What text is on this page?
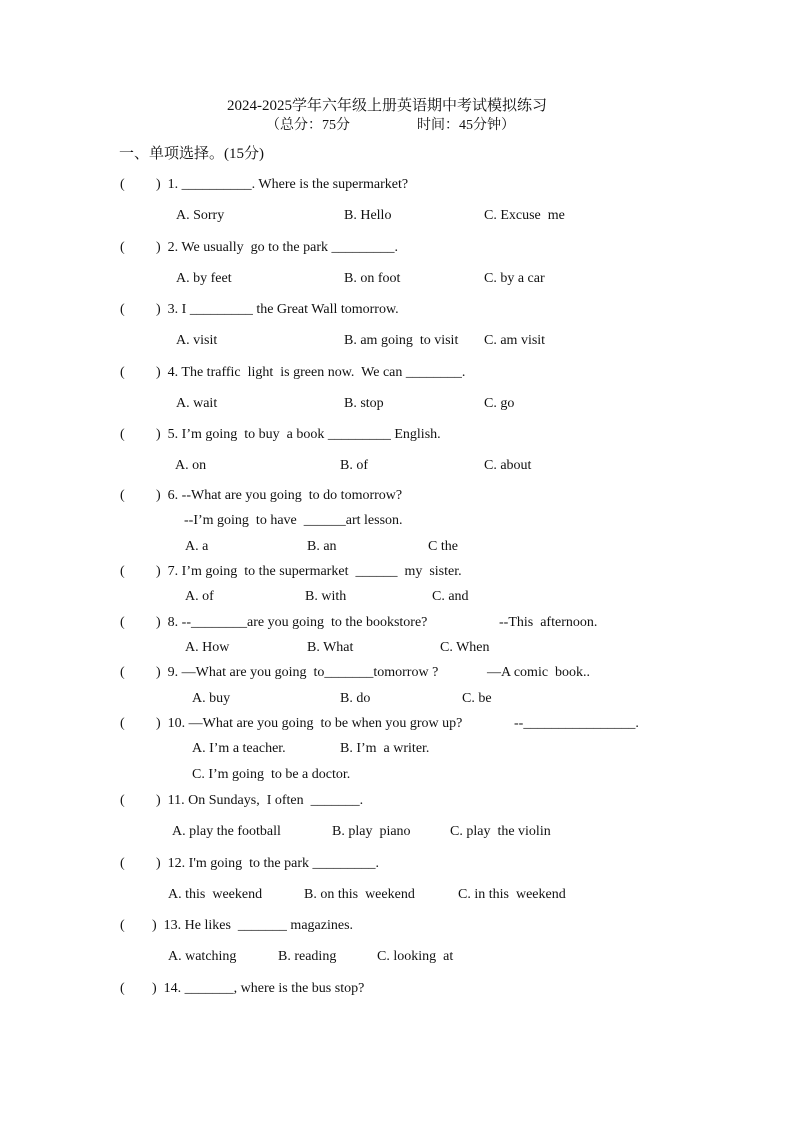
2024-2025学年六年级上册英语期中考试模拟练习
（总分：75分	时间：45分钟）
一、单项选择。(15分)
( )  1. __________. Where is the supermarket?
A. Sorry	B. Hello	C. Excuse  me
( )  2. We usually  go to the park _________.
A. by feet	B. on foot	C. by a car
( )  3. I _________ the Great Wall tomorrow.
A. visit	B. am going  to visit C. am visit
( )  4. The traffic  light  is green now.  We can ________.
A. wait	B. stop	C. go
( )  5. I’m going  to buy  a book _________ English.
A. on	B. of	C. about
( )  6. --What are you going  to do tomorrow?
--I’m going  to have  ______art lesson.
A. a	B. an	C the
( )  7. I’m going  to the supermarket  ______  my  sister.
A. of	B. with	C. and
( )  8. --________are you going  to the bookstore?	--This  afternoon.
A. How	B. What	C. When
( )  9. —What are you going  to_______tomorrow ?	—A comic  book..
A. buy	B. do	C. be
( )  10. —What are you going  to be when you grow up?	--________________.
A. I’m a teacher.	B. I’m  a writer.
C. I’m going  to be a doctor.
( )  11. On Sundays,  I often  _______.
A. play the football	B. play  piano	C. play  the violin
( )  12. I'm going  to the park _________.
A. this  weekend	B. on this  weekend	C. in this  weekend
( )  13. He likes  _______ magazines.
A. watching	B. reading	C. looking  at
( )  14. _______, where is the bus stop?
